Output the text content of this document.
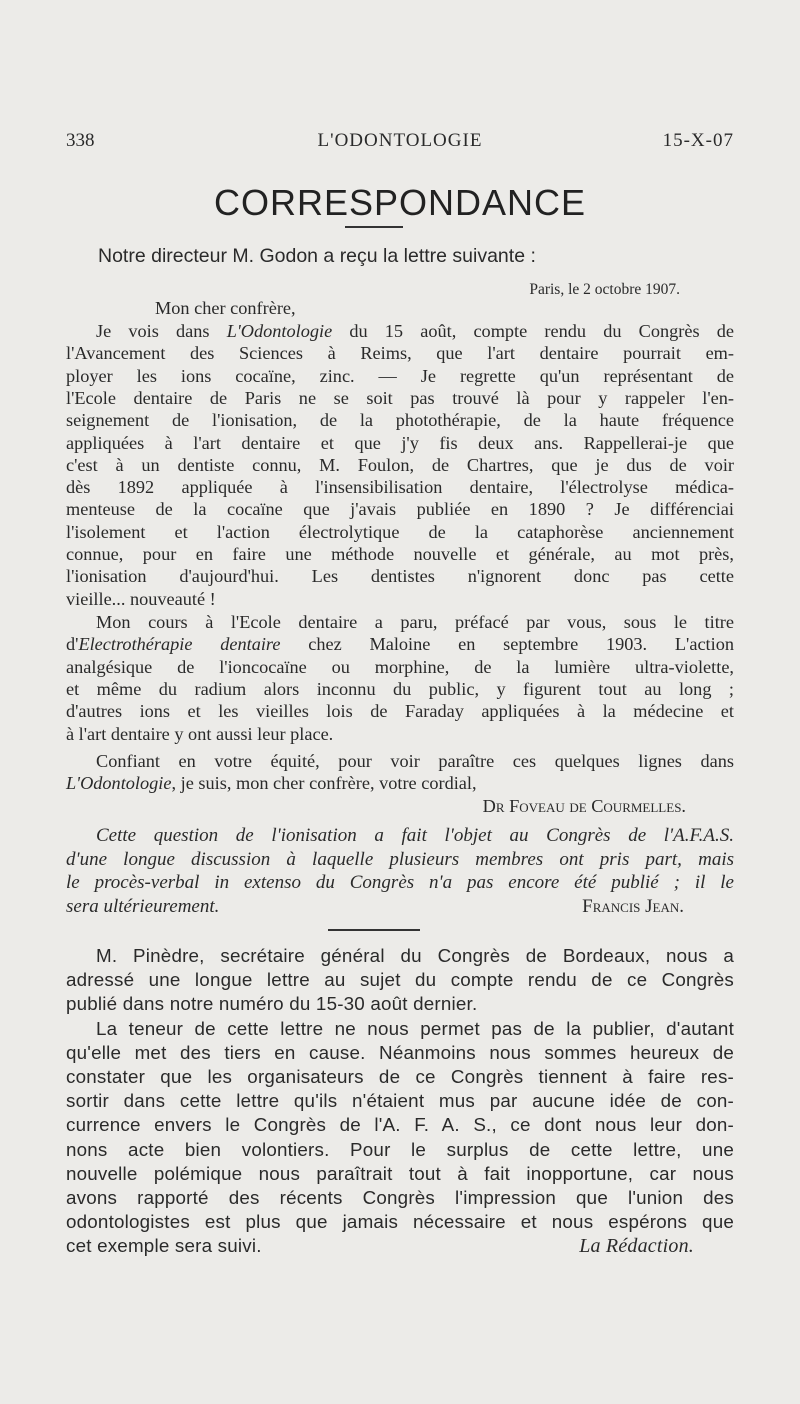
338	L'ODONTOLOGIE	15-X-07
CORRESPONDANCE
Notre directeur M. Godon a reçu la lettre suivante :
Paris, le 2 octobre 1907.
Mon cher confrère,
Je vois dans L'Odontologie du 15 août, compte rendu du Congrès de
l'Avancement des Sciences à Reims, que l'art dentaire pourrait em-
ployer les ions cocaïne, zinc. — Je regrette qu'un représentant de
l'Ecole dentaire de Paris ne se soit pas trouvé là pour y rappeler l'en-
seignement de l'ionisation, de la photothérapie, de la haute fréquence
appliquées à l'art dentaire et que j'y fis deux ans. Rappellerai-je que
c'est à un dentiste connu, M. Foulon, de Chartres, que je dus de voir
dès 1892 appliquée à l'insensibilisation dentaire, l'électrolyse médica-
menteuse de la cocaïne que j'avais publiée en 1890 ? Je différenciai
l'isolement et l'action électrolytique de la cataphorèse anciennement
connue, pour en faire une méthode nouvelle et générale, au mot près,
l'ionisation d'aujourd'hui. Les dentistes n'ignorent donc pas cette
vieille... nouveauté !
Mon cours à l'Ecole dentaire a paru, préfacé par vous, sous le titre
d'Electrothérapie dentaire chez Maloine en septembre 1903. L'action
analgésique de l'ioncocaïne ou morphine, de la lumière ultra-violette,
et même du radium alors inconnu du public, y figurent tout au long ;
d'autres ions et les vieilles lois de Faraday appliquées à la médecine et
à l'art dentaire y ont aussi leur place.
Confiant en votre équité, pour voir paraître ces quelques lignes dans
L'Odontologie, je suis, mon cher confrère, votre cordial,
Dr Foveau de Courmelles.
Cette question de l'ionisation a fait l'objet au Congrès de l'A.F.A.S.
d'une longue discussion à laquelle plusieurs membres ont pris part, mais
le procès-verbal in extenso du Congrès n'a pas encore été publié ; il le
sera ultérieurement.	Francis Jean.
M. Pinèdre, secrétaire général du Congrès de Bordeaux, nous a
adressé une longue lettre au sujet du compte rendu de ce Congrès
publié dans notre numéro du 15-30 août dernier.
La teneur de cette lettre ne nous permet pas de la publier, d'autant
qu'elle met des tiers en cause. Néanmoins nous sommes heureux de
constater que les organisateurs de ce Congrès tiennent à faire res-
sortir dans cette lettre qu'ils n'étaient mus par aucune idée de con-
currence envers le Congrès de l'A. F. A. S., ce dont nous leur don-
nons acte bien volontiers. Pour le surplus de cette lettre, une
nouvelle polémique nous paraîtrait tout à fait inopportune, car nous
avons rapporté des récents Congrès l'impression que l'union des
odontologistes est plus que jamais nécessaire et nous espérons que
cet exemple sera suivi.	La Rédaction.
